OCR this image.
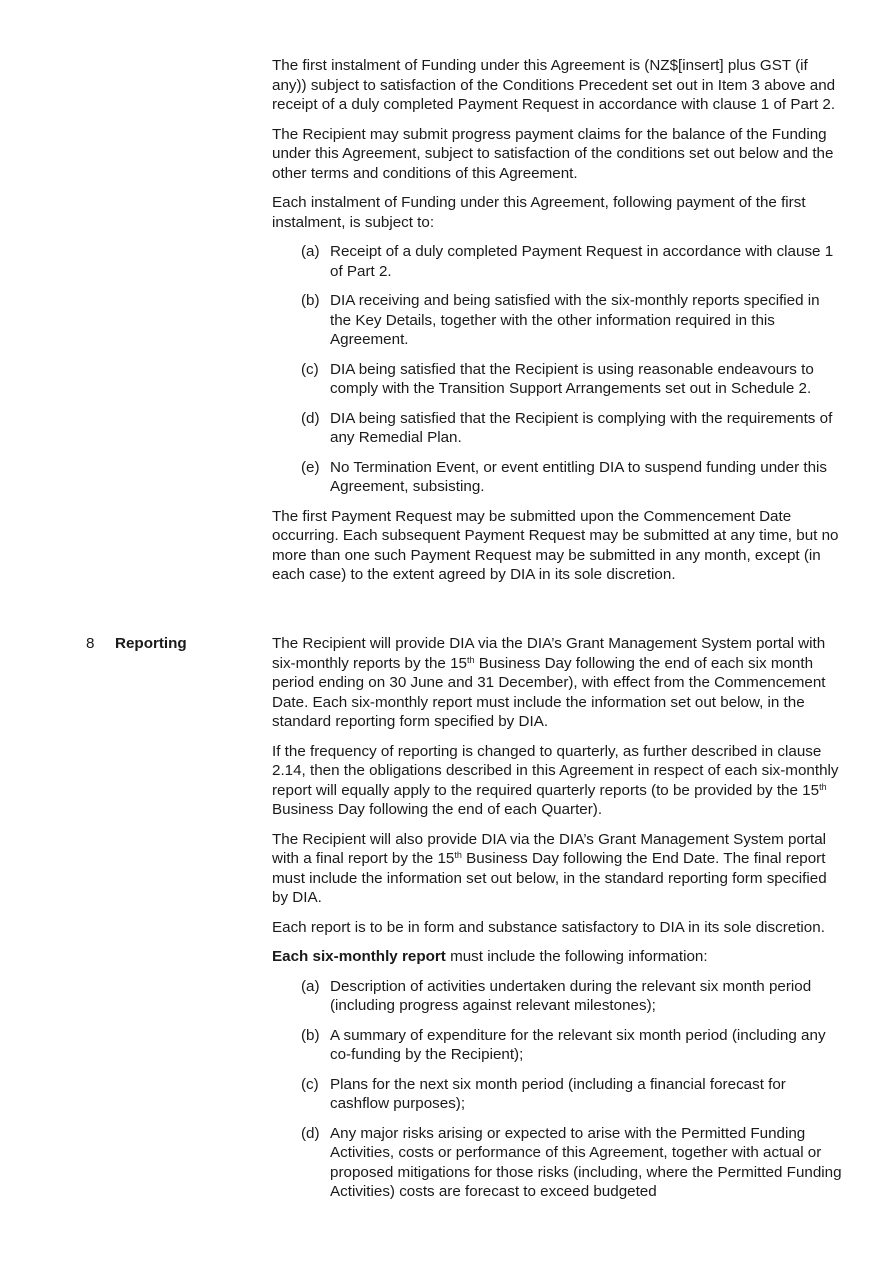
The first instalment of Funding under this Agreement is (NZ$[insert] plus GST (if any)) subject to satisfaction of the Conditions Precedent set out in Item 3 above and receipt of a duly completed Payment Request in accordance with clause 1 of Part 2.

The Recipient may submit progress payment claims for the balance of the Funding under this Agreement, subject to satisfaction of the conditions set out below and the other terms and conditions of this Agreement.

Each instalment of Funding under this Agreement, following payment of the first instalment, is subject to:

(a) Receipt of a duly completed Payment Request in accordance with clause 1 of Part 2.
(b) DIA receiving and being satisfied with the six-monthly reports specified in the Key Details, together with the other information required in this Agreement.
(c) DIA being satisfied that the Recipient is using reasonable endeavours to comply with the Transition Support Arrangements set out in Schedule 2.
(d) DIA being satisfied that the Recipient is complying with the requirements of any Remedial Plan.
(e) No Termination Event, or event entitling DIA to suspend funding under this Agreement, subsisting.

The first Payment Request may be submitted upon the Commencement Date occurring. Each subsequent Payment Request may be submitted at any time, but no more than one such Payment Request may be submitted in any month, except (in each case) to the extent agreed by DIA in its sole discretion.

8 Reporting	The Recipient will provide DIA via the DIA’s Grant Management System portal with six-monthly reports by the 15th Business Day following the end of each six month period ending on 30 June and 31 December), with effect from the Commencement Date. Each six-monthly report must include the information set out below, in the standard reporting form specified by DIA.

If the frequency of reporting is changed to quarterly, as further described in clause 2.14, then the obligations described in this Agreement in respect of each six-monthly report will equally apply to the required quarterly reports (to be provided by the 15th Business Day following the end of each Quarter).

The Recipient will also provide DIA via the DIA’s Grant Management System portal with a final report by the 15th Business Day following the End Date. The final report must include the information set out below, in the standard reporting form specified by DIA.

Each report is to be in form and substance satisfactory to DIA in its sole discretion.

Each six-monthly report must include the following information:

(a) Description of activities undertaken during the relevant six month period (including progress against relevant milestones);
(b) A summary of expenditure for the relevant six month period (including any co-funding by the Recipient);
(c) Plans for the next six month period (including a financial forecast for cashflow purposes);
(d) Any major risks arising or expected to arise with the Permitted Funding Activities, costs or performance of this Agreement, together with actual or proposed mitigations for those risks (including, where the Permitted Funding Activities) costs are forecast to exceed budgeted
